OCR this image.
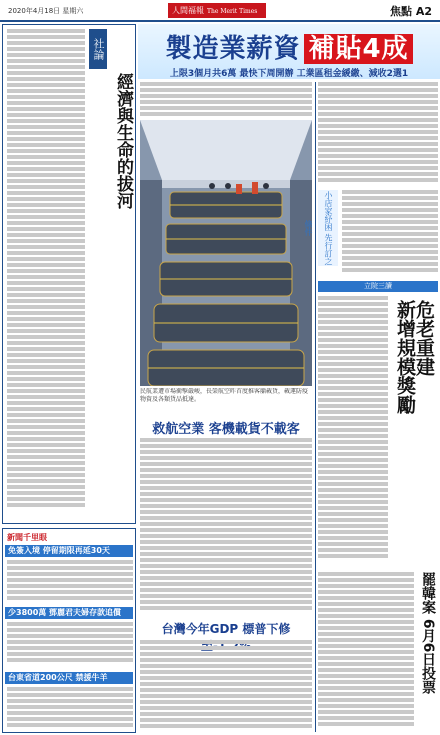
2020年4月18日 星期六	人間福報 The Merit Times	焦點 A2
製造業薪資 補貼4成
上限3個月共6萬 最快下周開辦 工業區租金緩繳、減收2選1
社論
經濟與生命的拔河
新聞千里眼
免簽入境 停留期限再延30天
少3800萬 鄧麗君夫婦存款追償
台東省道200公尺 禁援牛羊
民航業遭市場衝擊嚴峻，長榮航空昨首度推客艙載貨，載運防疫物資及各類貨品抵達。
救航空業 客機載貨不載客
台灣今年GDP 標普下修
小店家紓困 先行訂之條件
立院三讀
危老重建
新增規模獎勵
罷韓案 6月6日投票
